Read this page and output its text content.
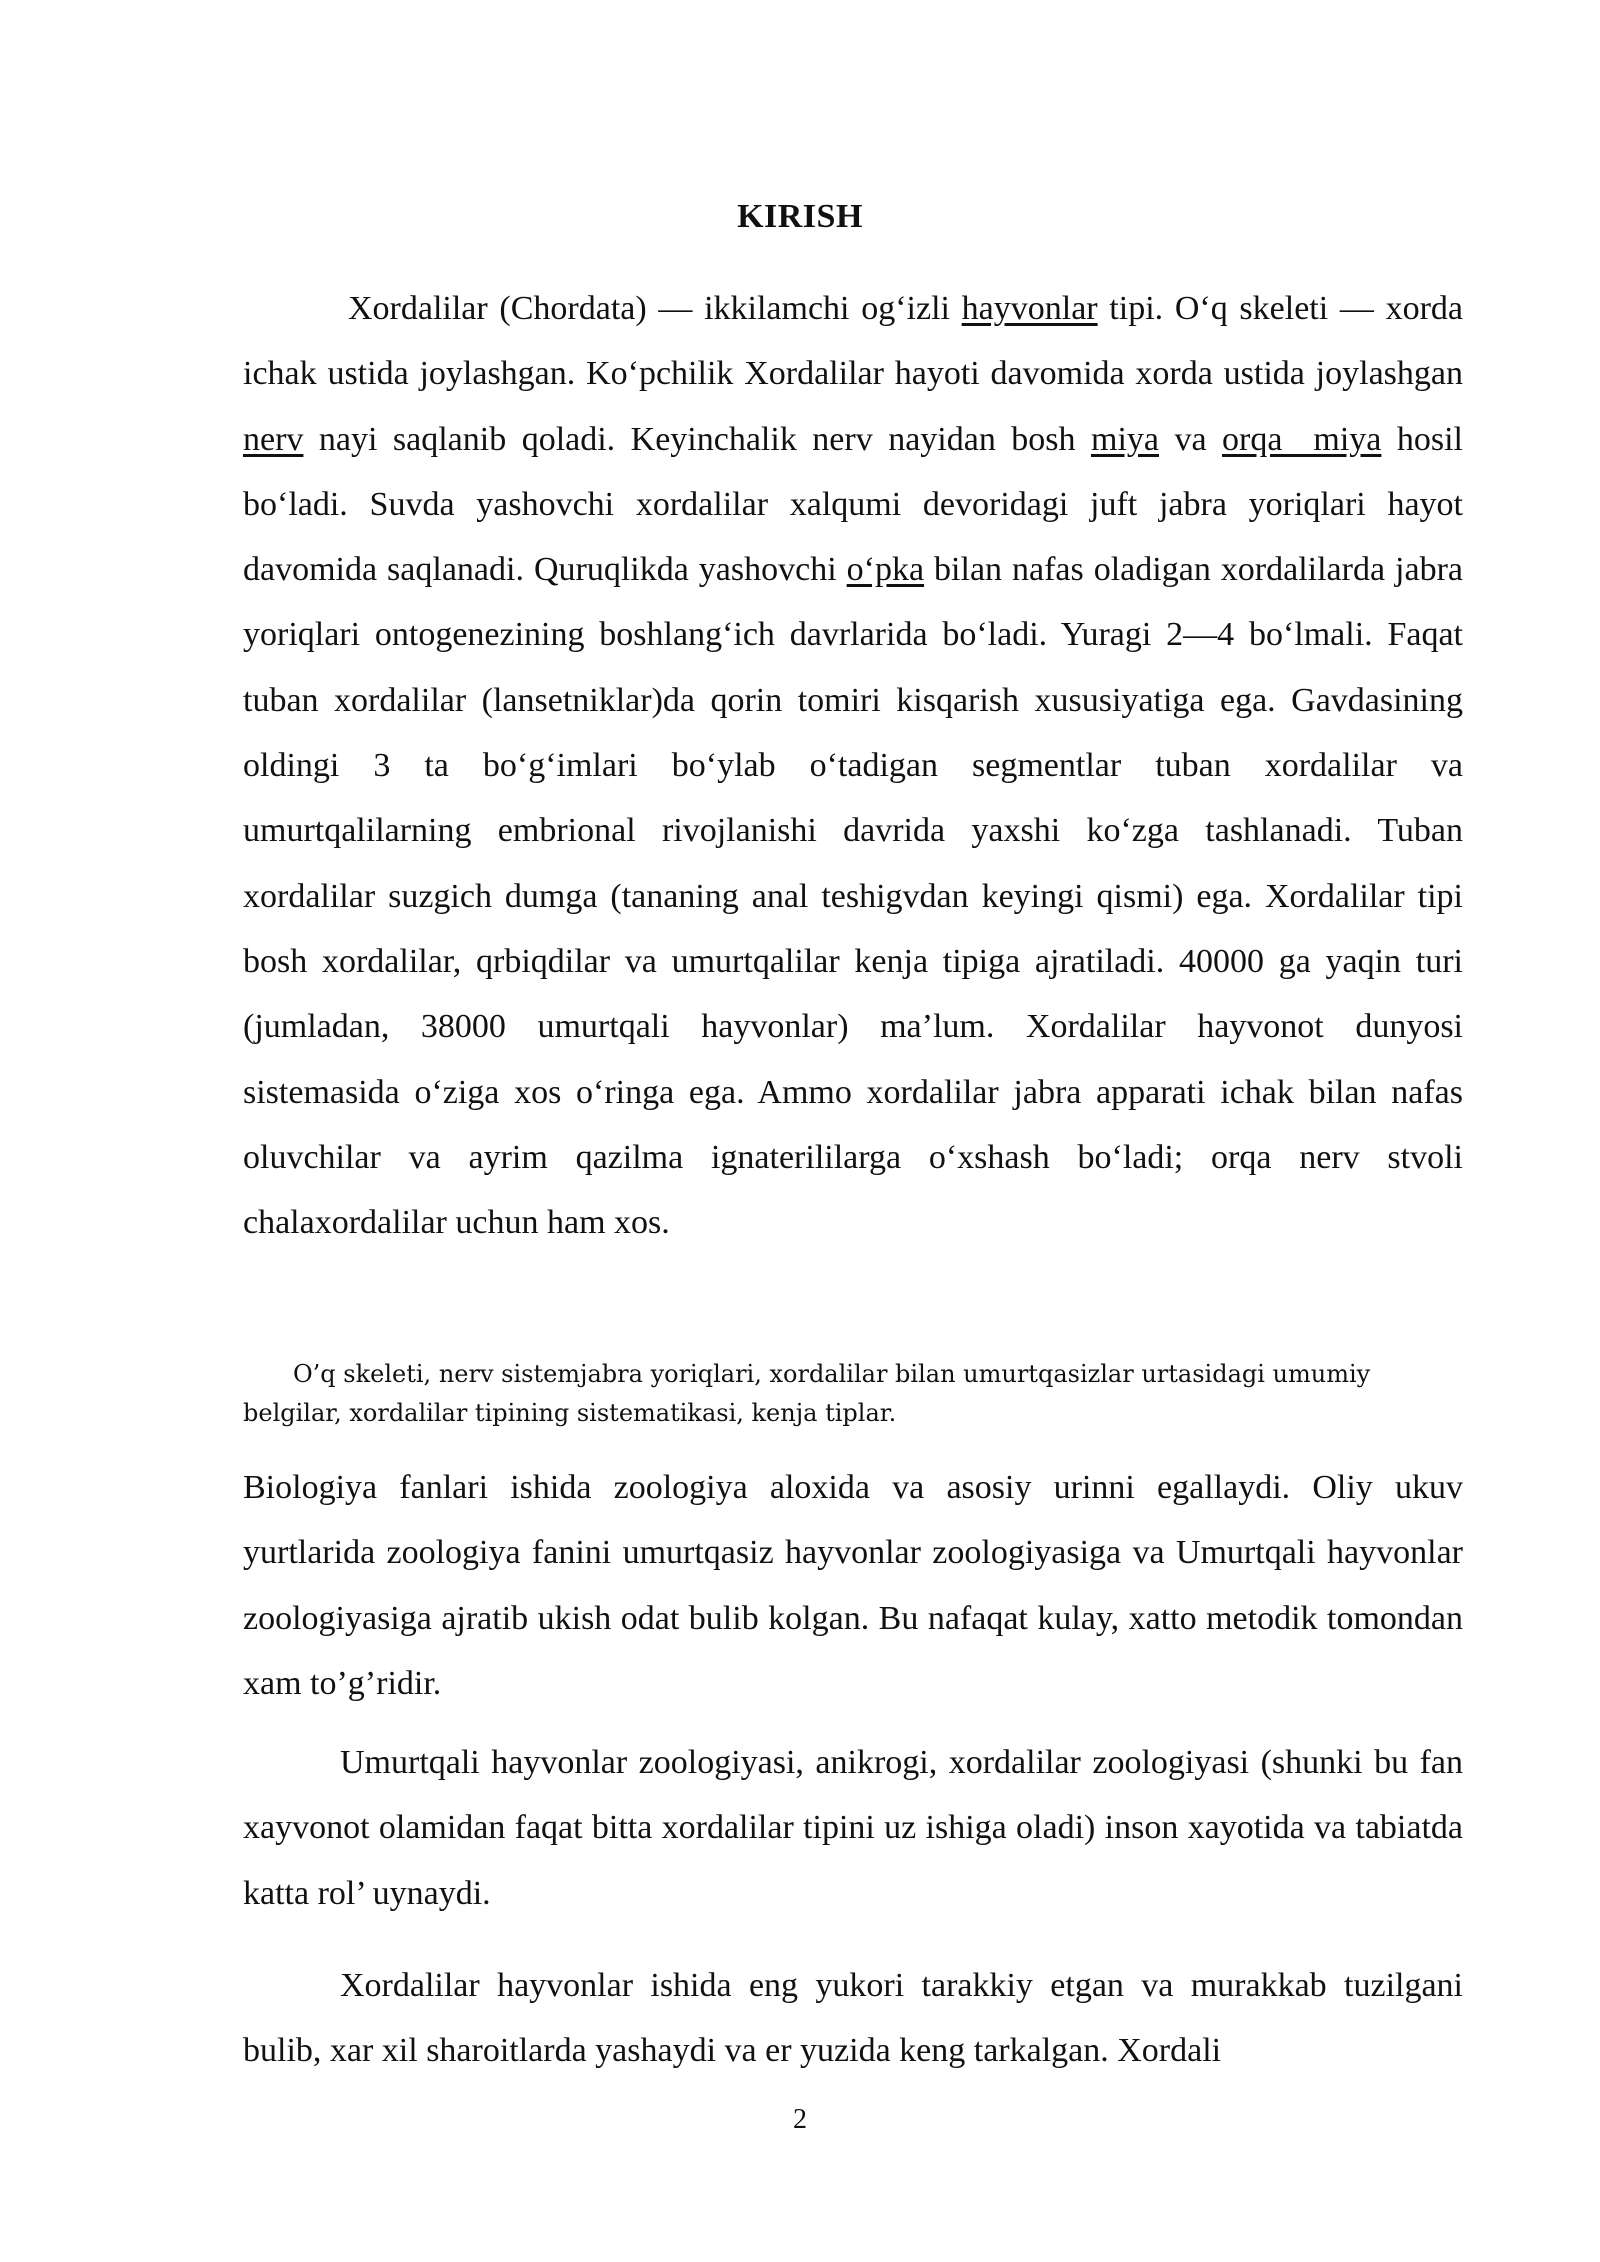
KIRISH

Xordalilar (Chordata) — ikkilamchi og‘izli hayvonlar tipi. O‘q skeleti — xorda ichak ustida joylashgan. Ko‘pchilik Xordalilar hayoti davomida xorda ustida joylashgan nerv nayi saqlanib qoladi. Keyinchalik nerv nayidan bosh miya va orqa  miya hosil bo‘ladi. Suvda yashovchi xordalilar xalqumi devoridagi juft jabra yoriqlari hayot davomida saqlanadi. Quruqlikda yashovchi o‘pka bilan nafas oladigan xordalilarda jabra yoriqlari ontogenezining boshlang‘ich davrlarida bo‘ladi. Yuragi 2—4 bo‘lmali. Faqat tuban xordalilar (lansetniklar)da qorin tomiri kisqarish xususiyatiga ega. Gavdasining oldingi 3 ta bo‘g‘imlari bo‘ylab o‘tadigan segmentlar tuban xordalilar va umurtqalilarning embrional rivojlanishi davrida yaxshi ko‘zga tashlanadi. Tuban xordalilar suzgich dumga (tananing anal teshigvdan keyingi qismi) ega. Xordalilar tipi bosh xordalilar, qrbiqdilar va umurtqalilar kenja tipiga ajratiladi. 40000 ga yaqin turi (jumladan, 38000 umurtqali hayvonlar) ma’lum. Xordalilar hayvonot dunyosi sistemasida o‘ziga xos o‘ringa ega. Ammo xordalilar jabra apparati ichak bilan nafas oluvchilar va ayrim qazilma ignaterililarga o‘xshash bo‘ladi; orqa nerv stvoli chalaxordalilar uchun ham xos.

O’q skeleti, nerv sistemjabra yoriqlari, xordalilar bilan umurtqasizlar urtasidagi umumiy belgilar, xordalilar tipining sistematikasi, kenja tiplar.

Biologiya fanlari ishida zoologiya aloxida va asosiy urinni egallaydi. Oliy ukuv yurtlarida zoologiya fanini umurtqasiz hayvonlar zoologiyasiga va Umurtqali hayvonlar zoologiyasiga ajratib ukish odat bulib kolgan. Bu nafaqat kulay, xatto metodik tomondan xam to’g’ridir.

Umurtqali hayvonlar zoologiyasi, anikrogi, xordalilar zoologiyasi (shunki bu fan xayvonot olamidan faqat bitta xordalilar tipini uz ishiga oladi) inson xayotida va tabiatda katta rol’ uynaydi.

Xordalilar hayvonlar ishida eng yukori tarakkiy etgan va murakkab tuzilgani bulib, xar xil sharoitlarda yashaydi va er yuzida keng tarkalgan. Xordali

2
